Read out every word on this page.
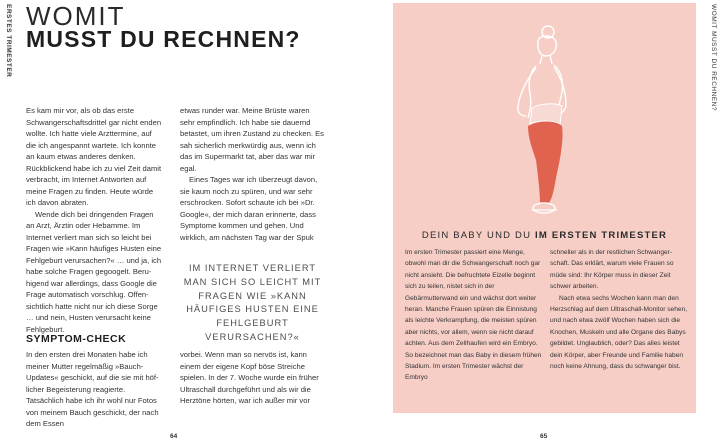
ERSTES TRIMESTER	WOMIT MUSST DU RECHNEN?
WOMIT
MUSST DU RECHNEN?

Es kam mir vor, als ob das erste Schwangerschaftsdrittel gar nicht enden wollte. Ich hatte viele Arzttermine, auf die ich angespannt wartete. Ich konnte an kaum etwas anderes denken. Rückblickend habe ich zu viel Zeit damit verbracht, im Internet Antworten auf meine Fragen zu finden. Heute würde ich davon abraten.

Wende dich bei dringenden Fragen an Arzt, Ärztin oder Hebamme. Im Internet verliert man sich so leicht bei Fragen wie »Kann häufiges Husten eine Fehlgeburt verursachen?« … und ja, ich habe solche Fragen gegoogelt. Beruhigend war allerdings, dass Google die Frage automatisch vorschlug. Offensichtlich hatte nicht nur ich diese Sorge … und nein, Husten verursacht keine Fehlgeburt.

etwas runder war. Meine Brüste waren sehr empfindlich. Ich habe sie dauernd betastet, um ihren Zustand zu checken. Es sah sicherlich merkwürdig aus, wenn ich das im Supermarkt tat, aber das war mir egal.

Eines Tages war ich überzeugt davon, sie kaum noch zu spüren, und war sehr erschrocken. Sofort schaute ich bei »Dr. Google«, der mich daran erinnerte, dass Symptome kommen und gehen. Und wirklich, am nächsten Tag war der Spuk

IM INTERNET VERLIERT MAN SICH SO LEICHT MIT FRAGEN WIE »KANN HÄUFIGES HUSTEN EINE FEHLGEBURT VERURSACHEN?«
SYMPTOM-CHECK

In den ersten drei Monaten habe ich meiner Mutter regelmäßig »Bauch-Updates« geschickt, auf die sie mit höflicher Begeisterung reagierte. Tatsächlich habe ich ihr wohl nur Fotos von meinem Bauch geschickt, der nach dem Essen

vorbei. Wenn man so nervös ist, kann einem der eigene Kopf böse Streiche spielen. In der 7. Woche wurde ein früher Ultraschall durchgeführt und als wir die Herztöne hörten, war ich außer mir vor

64	65
DEIN BABY UND DU IM ERSTEN TRIMESTER
Im ersten Trimester passiert eine Menge, obwohl man dir die Schwangerschaft noch gar nicht ansieht. Die befruchtete Eizelle beginnt sich zu teilen, nistet sich in der Gebärmutterwand ein und wächst dort weiter heran. Manche Frauen spüren die Einnistung als leichte Verkrampfung, die meisten spüren aber nichts, vor allem, wenn sie nicht darauf achten. Aus dem Zellhaufen wird ein Embryo. So bezeichnet man das Baby in diesem frühen Stadium. Im ersten Trimester wächst der Embryo
schneller als in der restlichen Schwangerschaft. Das erklärt, warum viele Frauen so müde sind: Ihr Körper muss in dieser Zeit schwer arbeiten.
Nach etwa sechs Wochen kann man den Herzschlag auf dem Ultraschall-Monitor sehen, und nach etwa zwölf Wochen haben sich die Knochen, Muskeln und alle Organe des Babys gebildet. Unglaublich, oder? Das alles leistet dein Körper, aber Freunde und Familie haben noch keine Ahnung, dass du schwanger bist.
